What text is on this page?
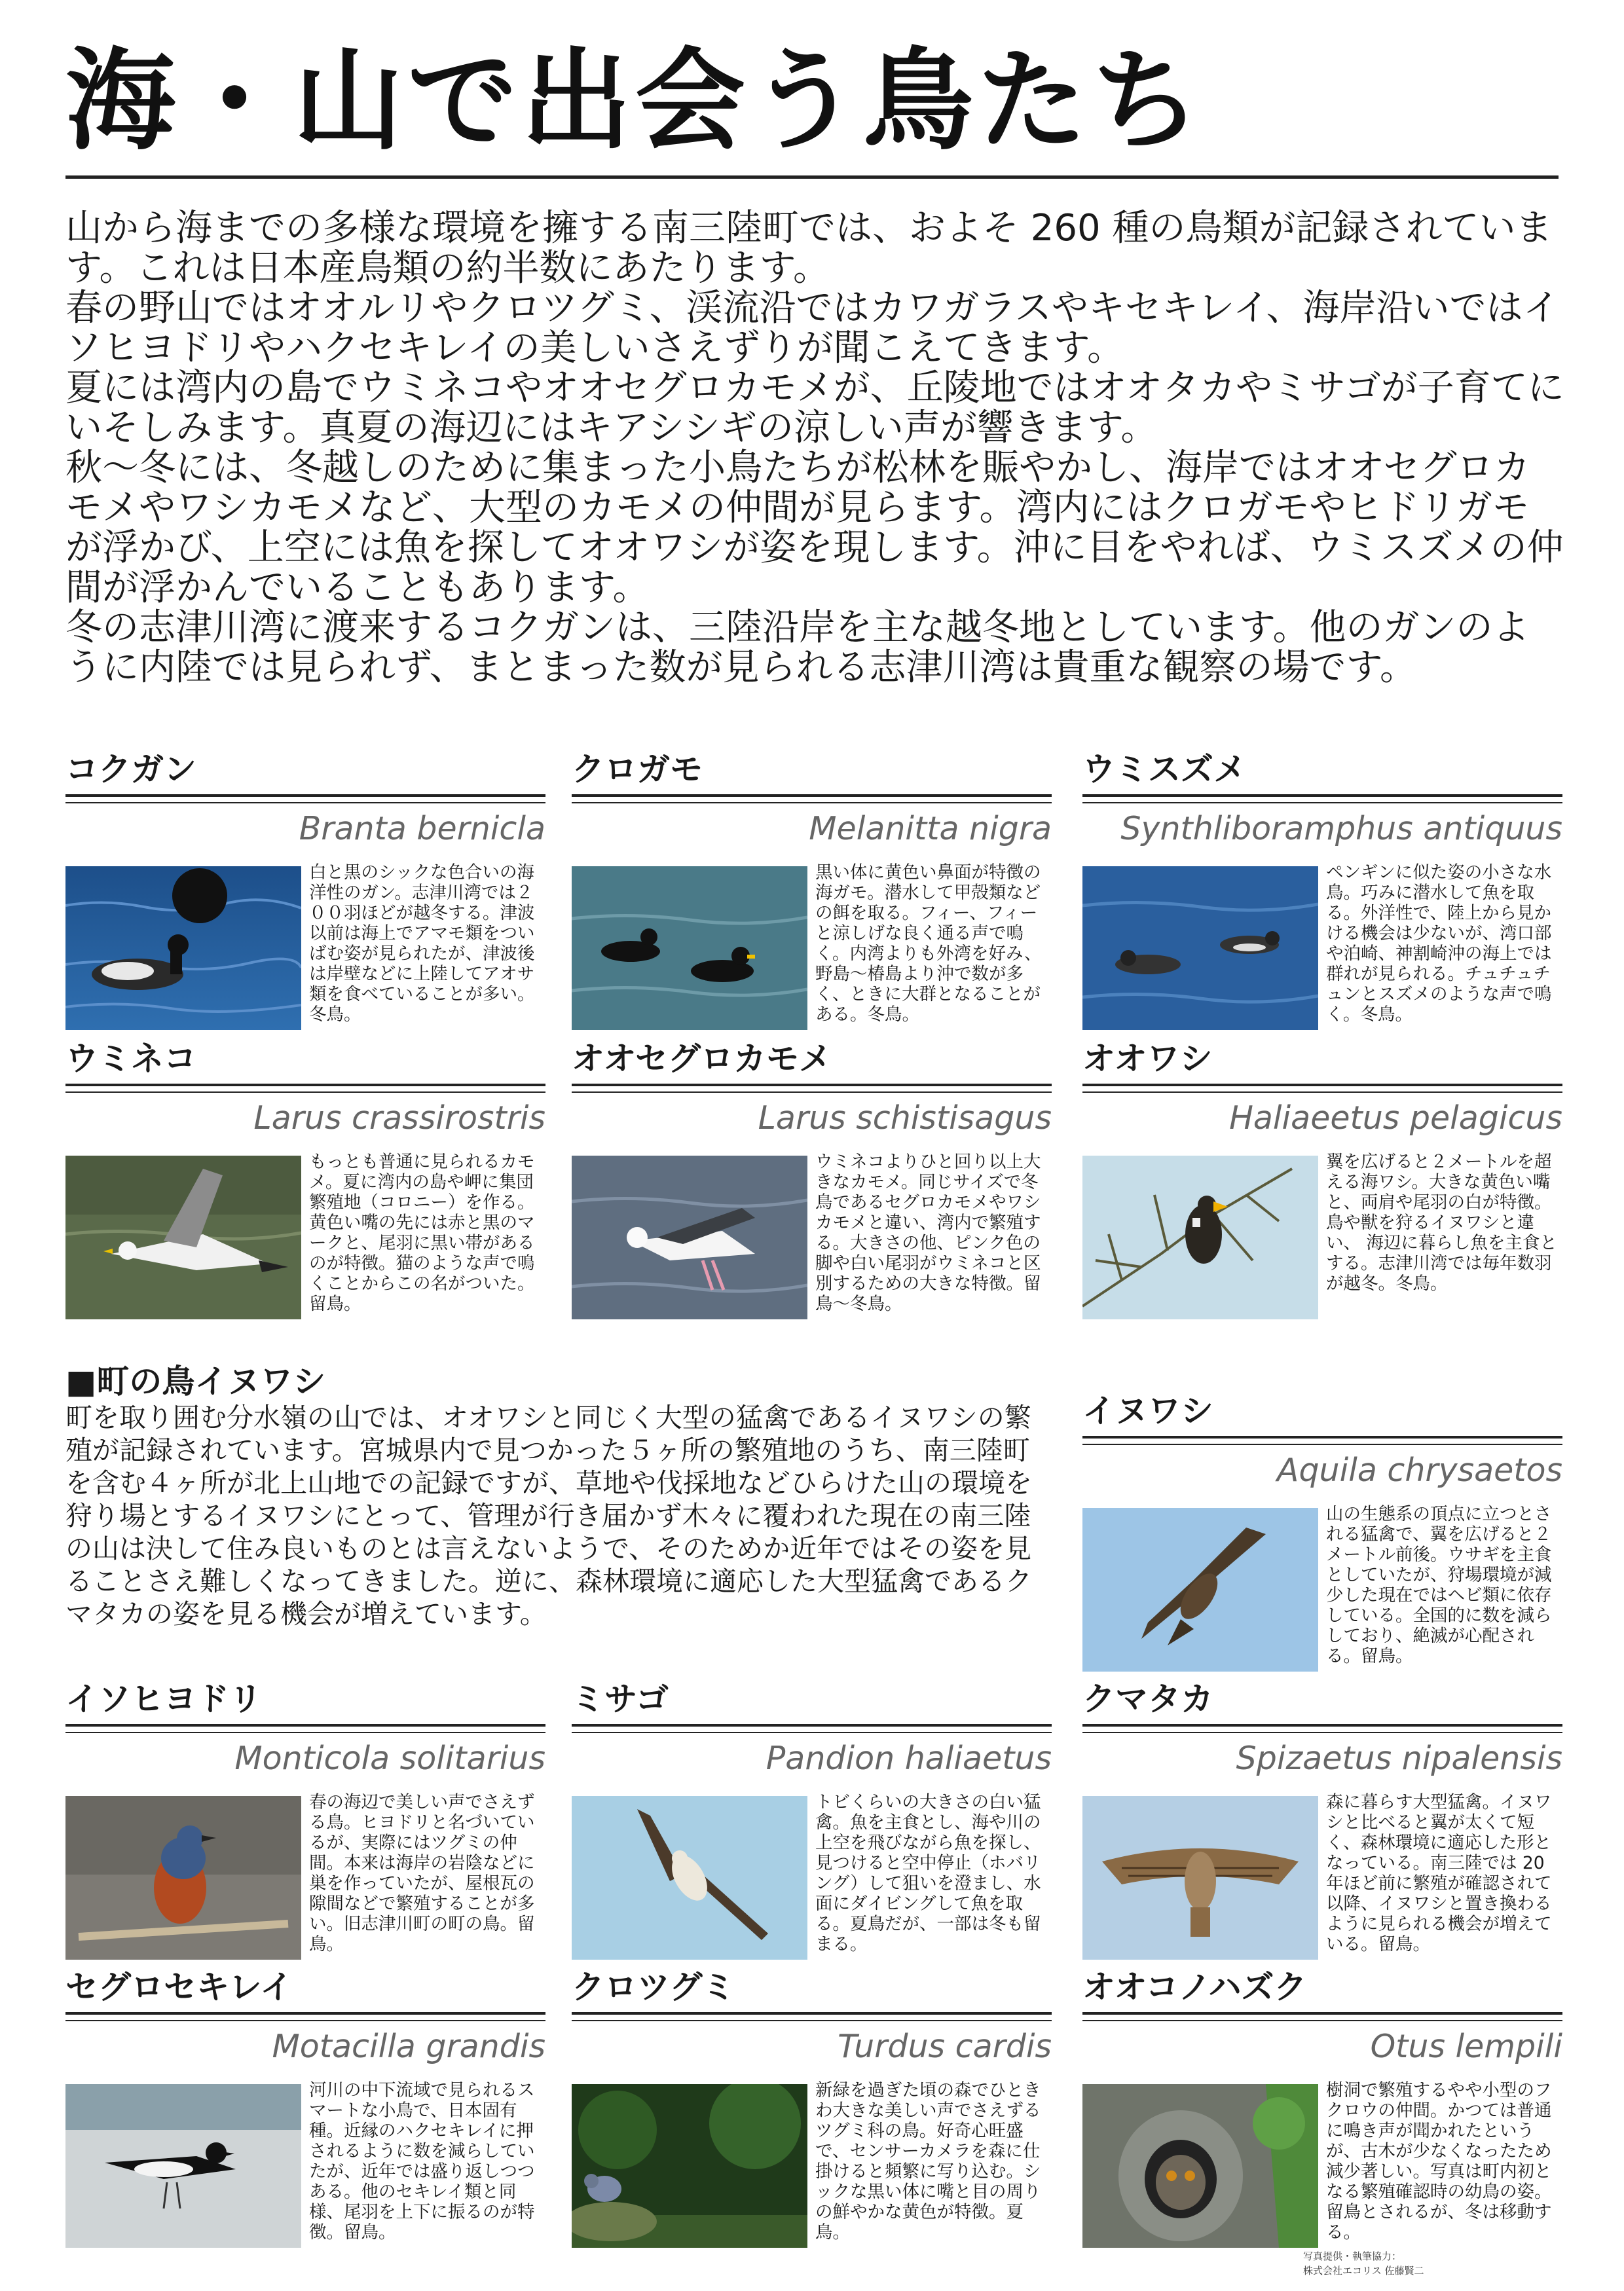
海・山で出会う鳥たち

山から海までの多様な環境を擁する南三陸町では、およそ 260 種の鳥類が記録されています。これは日本産鳥類の約半数にあたります。

春の野山ではオオルリやクロツグミ、渓流沿ではカワガラスやキセキレイ、海岸沿いではイソヒヨドリやハクセキレイの美しいさえずりが聞こえてきます。

夏には湾内の島でウミネコやオオセグロカモメが、丘陵地ではオオタカやミサゴが子育てにいそしみます。真夏の海辺にはキアシシギの涼しい声が響きます。

秋〜冬には、冬越しのために集まった小鳥たちが松林を賑やかし、海岸ではオオセグロカモメやワシカモメなど、大型のカモメの仲間が見らます。湾内にはクロガモやヒドリガモが浮かび、上空には魚を探してオオワシが姿を現します。沖に目をやれば、ウミスズメの仲間が浮かんでいることもあります。

冬の志津川湾に渡来するコクガンは、三陸沿岸を主な越冬地としています。他のガンのように内陸では見られず、まとまった数が見られる志津川湾は貴重な観察の場です。

コクガン
Branta bernicla
白と黒のシックな色合いの海洋性のガン。志津川湾では２００羽ほどが越冬する。津波以前は海上でアマモ類をついばむ姿が見られたが、津波後は岸壁などに上陸してアオサ類を食べていることが多い。冬鳥。
クロガモ
Melanitta nigra
黒い体に黄色い鼻面が特徴の海ガモ。潜水して甲殻類などの餌を取る。フィー、フィーと涼しげな良く通る声で鳴く。内湾よりも外湾を好み、野島〜椿島より沖で数が多く、ときに大群となることがある。冬鳥。
ウミスズメ
Synthliboramphus antiquus
ペンギンに似た姿の小さな水鳥。巧みに潜水して魚を取る。外洋性で、陸上から見かける機会は少ないが、湾口部や泊崎、神割崎沖の海上では群れが見られる。チュチュチュンとスズメのような声で鳴く。冬鳥。
ウミネコ
Larus crassirostris
もっとも普通に見られるカモメ。夏に湾内の島や岬に集団繁殖地（コロニー）を作る。黄色い嘴の先には赤と黒のマークと、尾羽に黒い帯があるのが特徴。猫のような声で鳴くことからこの名がついた。留鳥。
オオセグロカモメ
Larus schistisagus
ウミネコよりひと回り以上大きなカモメ。同じサイズで冬鳥であるセグロカモメやワシカモメと違い、湾内で繁殖する。大きさの他、ピンク色の脚や白い尾羽がウミネコと区別するための大きな特徴。留鳥〜冬鳥。
オオワシ
Haliaeetus pelagicus
翼を広げると２メートルを超える海ワシ。大きな黄色い嘴と、両肩や尾羽の白が特徴。鳥や獣を狩るイヌワシと違い、 海辺に暮らし魚を主食とする。志津川湾では毎年数羽が越冬。冬鳥。
■町の鳥イヌワシ
町を取り囲む分水嶺の山では、オオワシと同じく大型の猛禽であるイヌワシの繁殖が記録されています。宮城県内で見つかった５ヶ所の繁殖地のうち、南三陸町を含む４ヶ所が北上山地での記録ですが、草地や伐採地などひらけた山の環境を狩り場とするイヌワシにとって、管理が行き届かず木々に覆われた現在の南三陸の山は決して住み良いものとは言えないようで、そのためか近年ではその姿を見ることさえ難しくなってきました。逆に、森林環境に適応した大型猛禽であるクマタカの姿を見る機会が増えています。
イヌワシ
Aquila chrysaetos
山の生態系の頂点に立つとされる猛禽で、翼を広げると２メートル前後。ウサギを主食としていたが、狩場環境が減少した現在ではヘビ類に依存している。全国的に数を減らしており、絶滅が心配される。留鳥。
イソヒヨドリ
Monticola solitarius
春の海辺で美しい声でさえずる鳥。ヒヨドリと名づいているが、実際にはツグミの仲間。本来は海岸の岩陰などに巣を作っていたが、屋根瓦の隙間などで繁殖することが多い。旧志津川町の町の鳥。留鳥。
ミサゴ
Pandion haliaetus
トビくらいの大きさの白い猛禽。魚を主食とし、海や川の上空を飛びながら魚を探し、見つけると空中停止（ホバリング）して狙いを澄まし、水面にダイビングして魚を取る。夏鳥だが、一部は冬も留まる。
クマタカ
Spizaetus nipalensis
森に暮らす大型猛禽。イヌワシと比べると翼が太くて短く、森林環境に適応した形となっている。南三陸では 20 年ほど前に繁殖が確認されて以降、イヌワシと置き換わるように見られる機会が増えている。留鳥。
セグロセキレイ
Motacilla grandis
河川の中下流域で見られるスマートな小鳥で、日本固有種。近縁のハクセキレイに押されるように数を減らしていたが、近年では盛り返しつつある。他のセキレイ類と同様、尾羽を上下に振るのが特徴。留鳥。
クロツグミ
Turdus cardis
新緑を過ぎた頃の森でひときわ大きな美しい声でさえずるツグミ科の鳥。好奇心旺盛で、センサーカメラを森に仕掛けると頻繁に写り込む。シックな黒い体に嘴と目の周りの鮮やかな黄色が特徴。夏鳥。
オオコノハズク
Otus lempili
樹洞で繁殖するやや小型のフクロウの仲間。かつては普通に鳴き声が聞かれたというが、古木が少なくなったため減少著しい。写真は町内初となる繁殖確認時の幼鳥の姿。留鳥とされるが、冬は移動する。
写真提供・執筆協力：
株式会社エコリス 佐藤賢二
